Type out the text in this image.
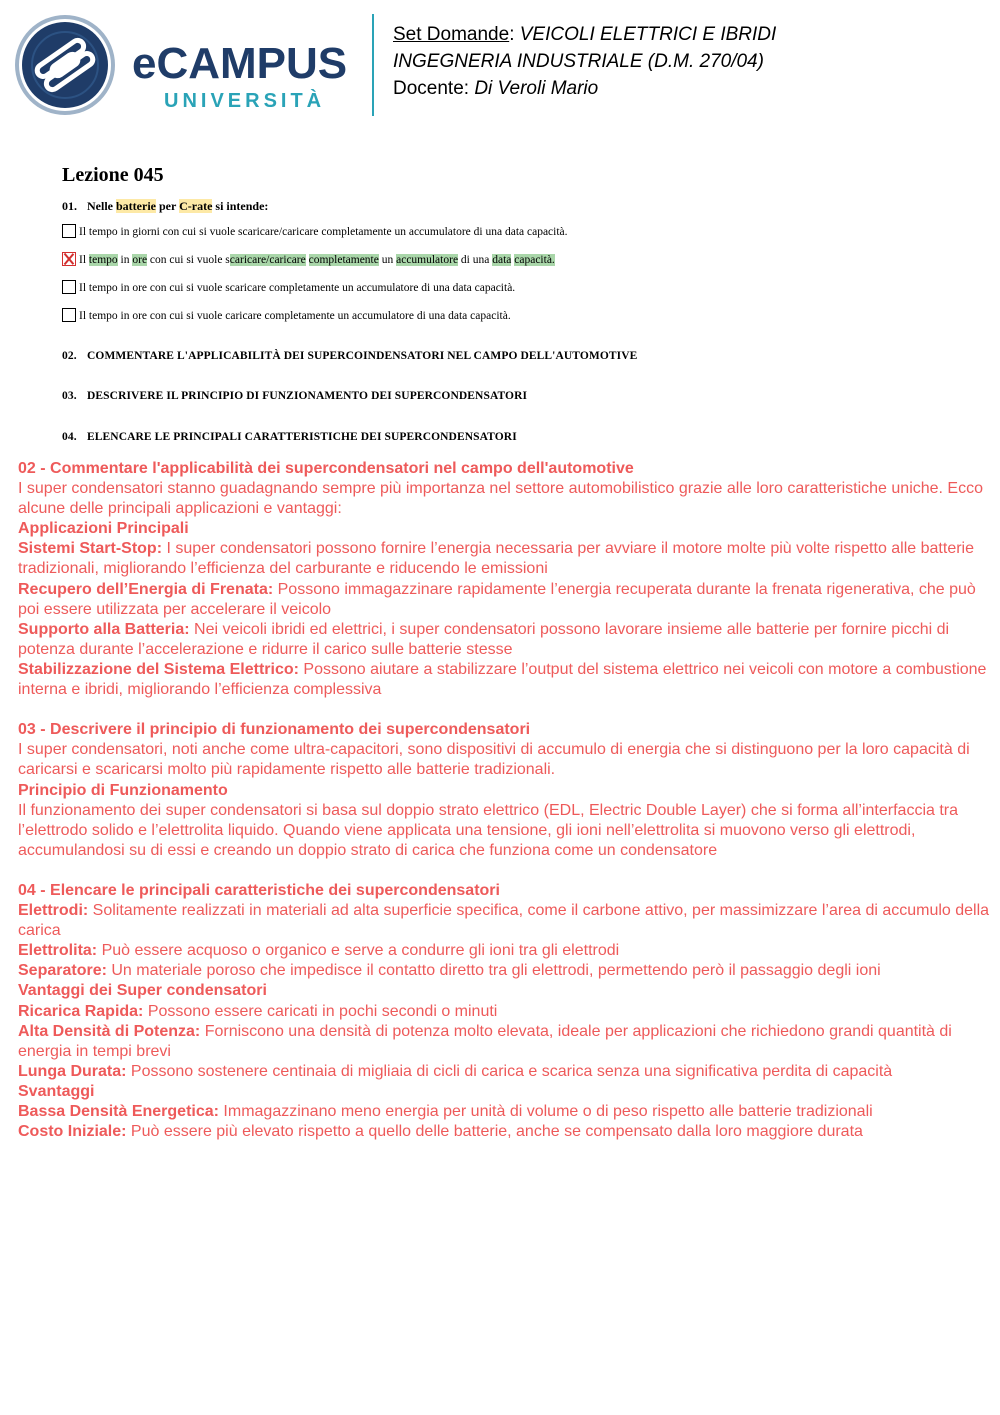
eCAMPUS
UNIVERSITÀ
Set Domande: VEICOLI ELETTRICI E IBRIDI
INGEGNERIA INDUSTRIALE (D.M. 270/04)
Docente: Di Veroli Mario
Lezione 045
01. Nelle batterie per C-rate si intende:
Il tempo in giorni con cui si vuole scaricare/caricare completamente un accumulatore di una data capacità.
Il tempo in ore con cui si vuole scaricare/caricare completamente un accumulatore di una data capacità.
Il tempo in ore con cui si vuole scaricare completamente un accumulatore di una data capacità.
Il tempo in ore con cui si vuole caricare completamente un accumulatore di una data capacità.
02. COMMENTARE L'APPLICABILITÀ DEI SUPERCOINDENSATORI NEL CAMPO DELL'AUTOMOTIVE
03. DESCRIVERE IL PRINCIPIO DI FUNZIONAMENTO DEI SUPERCONDENSATORI
04. ELENCARE LE PRINCIPALI CARATTERISTICHE DEI SUPERCONDENSATORI

02 - Commentare l'applicabilità dei supercondensatori nel campo dell'automotive

I super condensatori stanno guadagnando sempre più importanza nel settore automobilistico grazie alle loro caratteristiche uniche. Ecco alcune delle principali applicazioni e vantaggi:

Applicazioni Principali

Sistemi Start-Stop: I super condensatori possono fornire l’energia necessaria per avviare il motore molte più volte rispetto alle batterie tradizionali, migliorando l’efficienza del carburante e riducendo le emissioni

Recupero dell’Energia di Frenata: Possono immagazzinare rapidamente l’energia recuperata durante la frenata rigenerativa, che può poi essere utilizzata per accelerare il veicolo

Supporto alla Batteria: Nei veicoli ibridi ed elettrici, i super condensatori possono lavorare insieme alle batterie per fornire picchi di potenza durante l’accelerazione e ridurre il carico sulle batterie stesse

Stabilizzazione del Sistema Elettrico: Possono aiutare a stabilizzare l’output del sistema elettrico nei veicoli con motore a combustione interna e ibridi, migliorando l’efficienza complessiva

03 - Descrivere il principio di funzionamento dei supercondensatori

I super condensatori, noti anche come ultra-capacitori, sono dispositivi di accumulo di energia che si distinguono per la loro capacità di caricarsi e scaricarsi molto più rapidamente rispetto alle batterie tradizionali.

Principio di Funzionamento

Il funzionamento dei super condensatori si basa sul doppio strato elettrico (EDL, Electric Double Layer) che si forma all’interfaccia tra l’elettrodo solido e l’elettrolita liquido. Quando viene applicata una tensione, gli ioni nell’elettrolita si muovono verso gli elettrodi, accumulandosi su di essi e creando un doppio strato di carica che funziona come un condensatore

04 - Elencare le principali caratteristiche dei supercondensatori

Elettrodi: Solitamente realizzati in materiali ad alta superficie specifica, come il carbone attivo, per massimizzare l’area di accumulo della carica

Elettrolita: Può essere acquoso o organico e serve a condurre gli ioni tra gli elettrodi

Separatore: Un materiale poroso che impedisce il contatto diretto tra gli elettrodi, permettendo però il passaggio degli ioni

Vantaggi dei Super condensatori

Ricarica Rapida: Possono essere caricati in pochi secondi o minuti

Alta Densità di Potenza: Forniscono una densità di potenza molto elevata, ideale per applicazioni che richiedono grandi quantità di energia in tempi brevi

Lunga Durata: Possono sostenere centinaia di migliaia di cicli di carica e scarica senza una significativa perdita di capacità

Svantaggi

Bassa Densità Energetica: Immagazzinano meno energia per unità di volume o di peso rispetto alle batterie tradizionali

Costo Iniziale: Può essere più elevato rispetto a quello delle batterie, anche se compensato dalla loro maggiore durata
